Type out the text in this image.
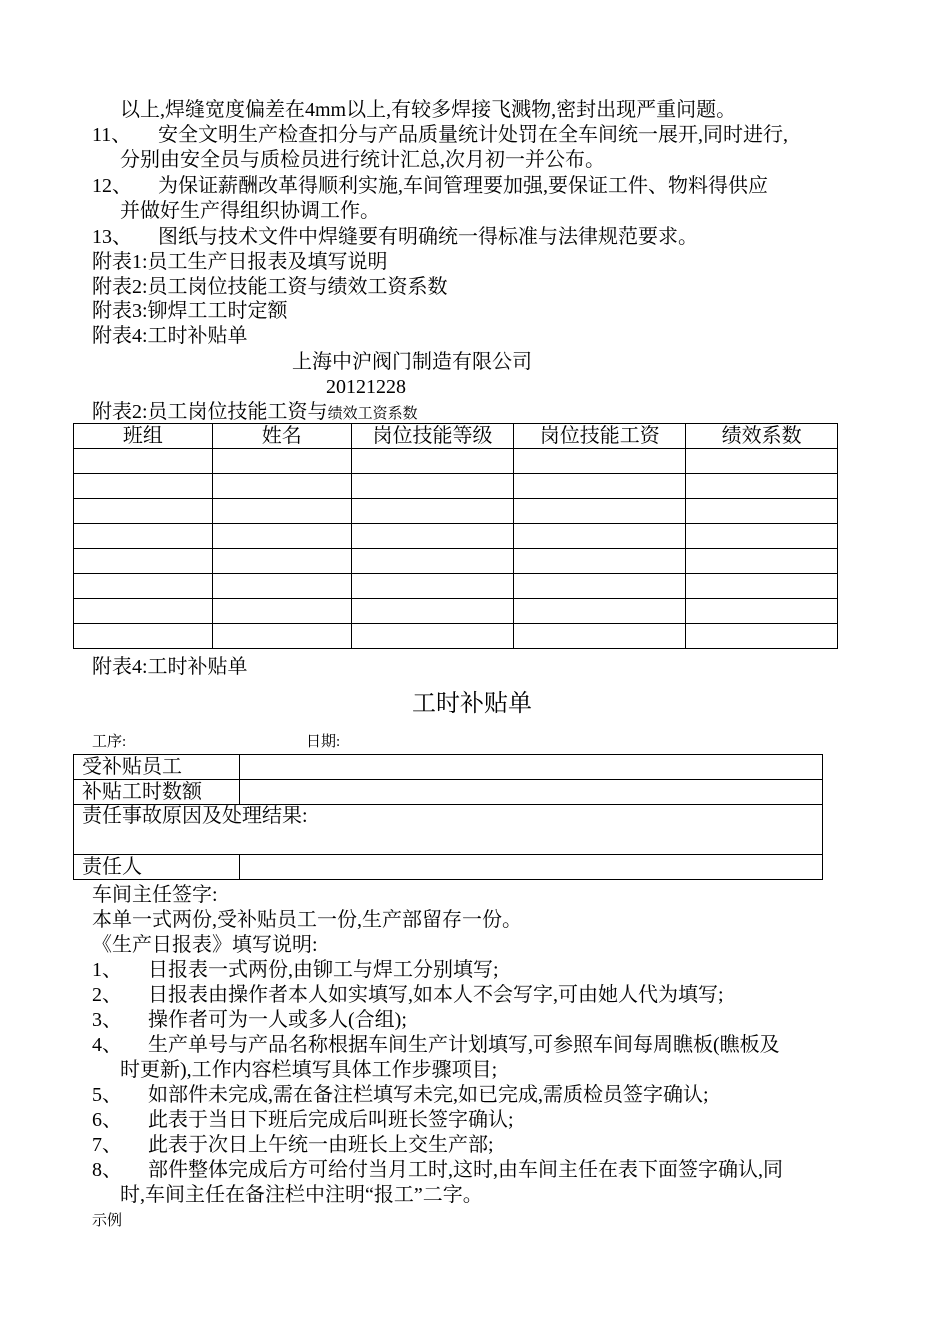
以上,焊缝宽度偏差在4mm以上,有较多焊接飞溅物,密封出现严重问题。
11、 安全文明生产检查扣分与产品质量统计处罚在全车间统一展开,同时进行,
分别由安全员与质检员进行统计汇总,次月初一并公布。
12、 为保证薪酬改革得顺利实施,车间管理要加强,要保证工件、物料得供应
并做好生产得组织协调工作。
13、 图纸与技术文件中焊缝要有明确统一得标准与法律规范要求。
附表1:员工生产日报表及填写说明
附表2:员工岗位技能工资与绩效工资系数
附表3:铆焊工工时定额
附表4:工时补贴单
上海中沪阀门制造有限公司
20121228
附表2:员工岗位技能工资与绩效工资系数
班组	姓名	岗位技能等级	岗位技能工资	绩效系数

附表4:工时补贴单
工时补贴单
工序:	日期:
受补贴员工	
补贴工时数额	
责任事故原因及处理结果:	
责任人	
车间主任签字:
本单一式两份,受补贴员工一份,生产部留存一份。
《生产日报表》填写说明:
1、 日报表一式两份,由铆工与焊工分别填写;
2、 日报表由操作者本人如实填写,如本人不会写字,可由她人代为填写;
3、 操作者可为一人或多人(合组);
4、 生产单号与产品名称根据车间生产计划填写,可参照车间每周瞧板(瞧板及
时更新),工作内容栏填写具体工作步骤项目;
5、 如部件未完成,需在备注栏填写未完,如已完成,需质检员签字确认;
6、 此表于当日下班后完成后叫班长签字确认;
7、 此表于次日上午统一由班长上交生产部;
8、 部件整体完成后方可给付当月工时,这时,由车间主任在表下面签字确认,同
时,车间主任在备注栏中注明“报工”二字。
示例
